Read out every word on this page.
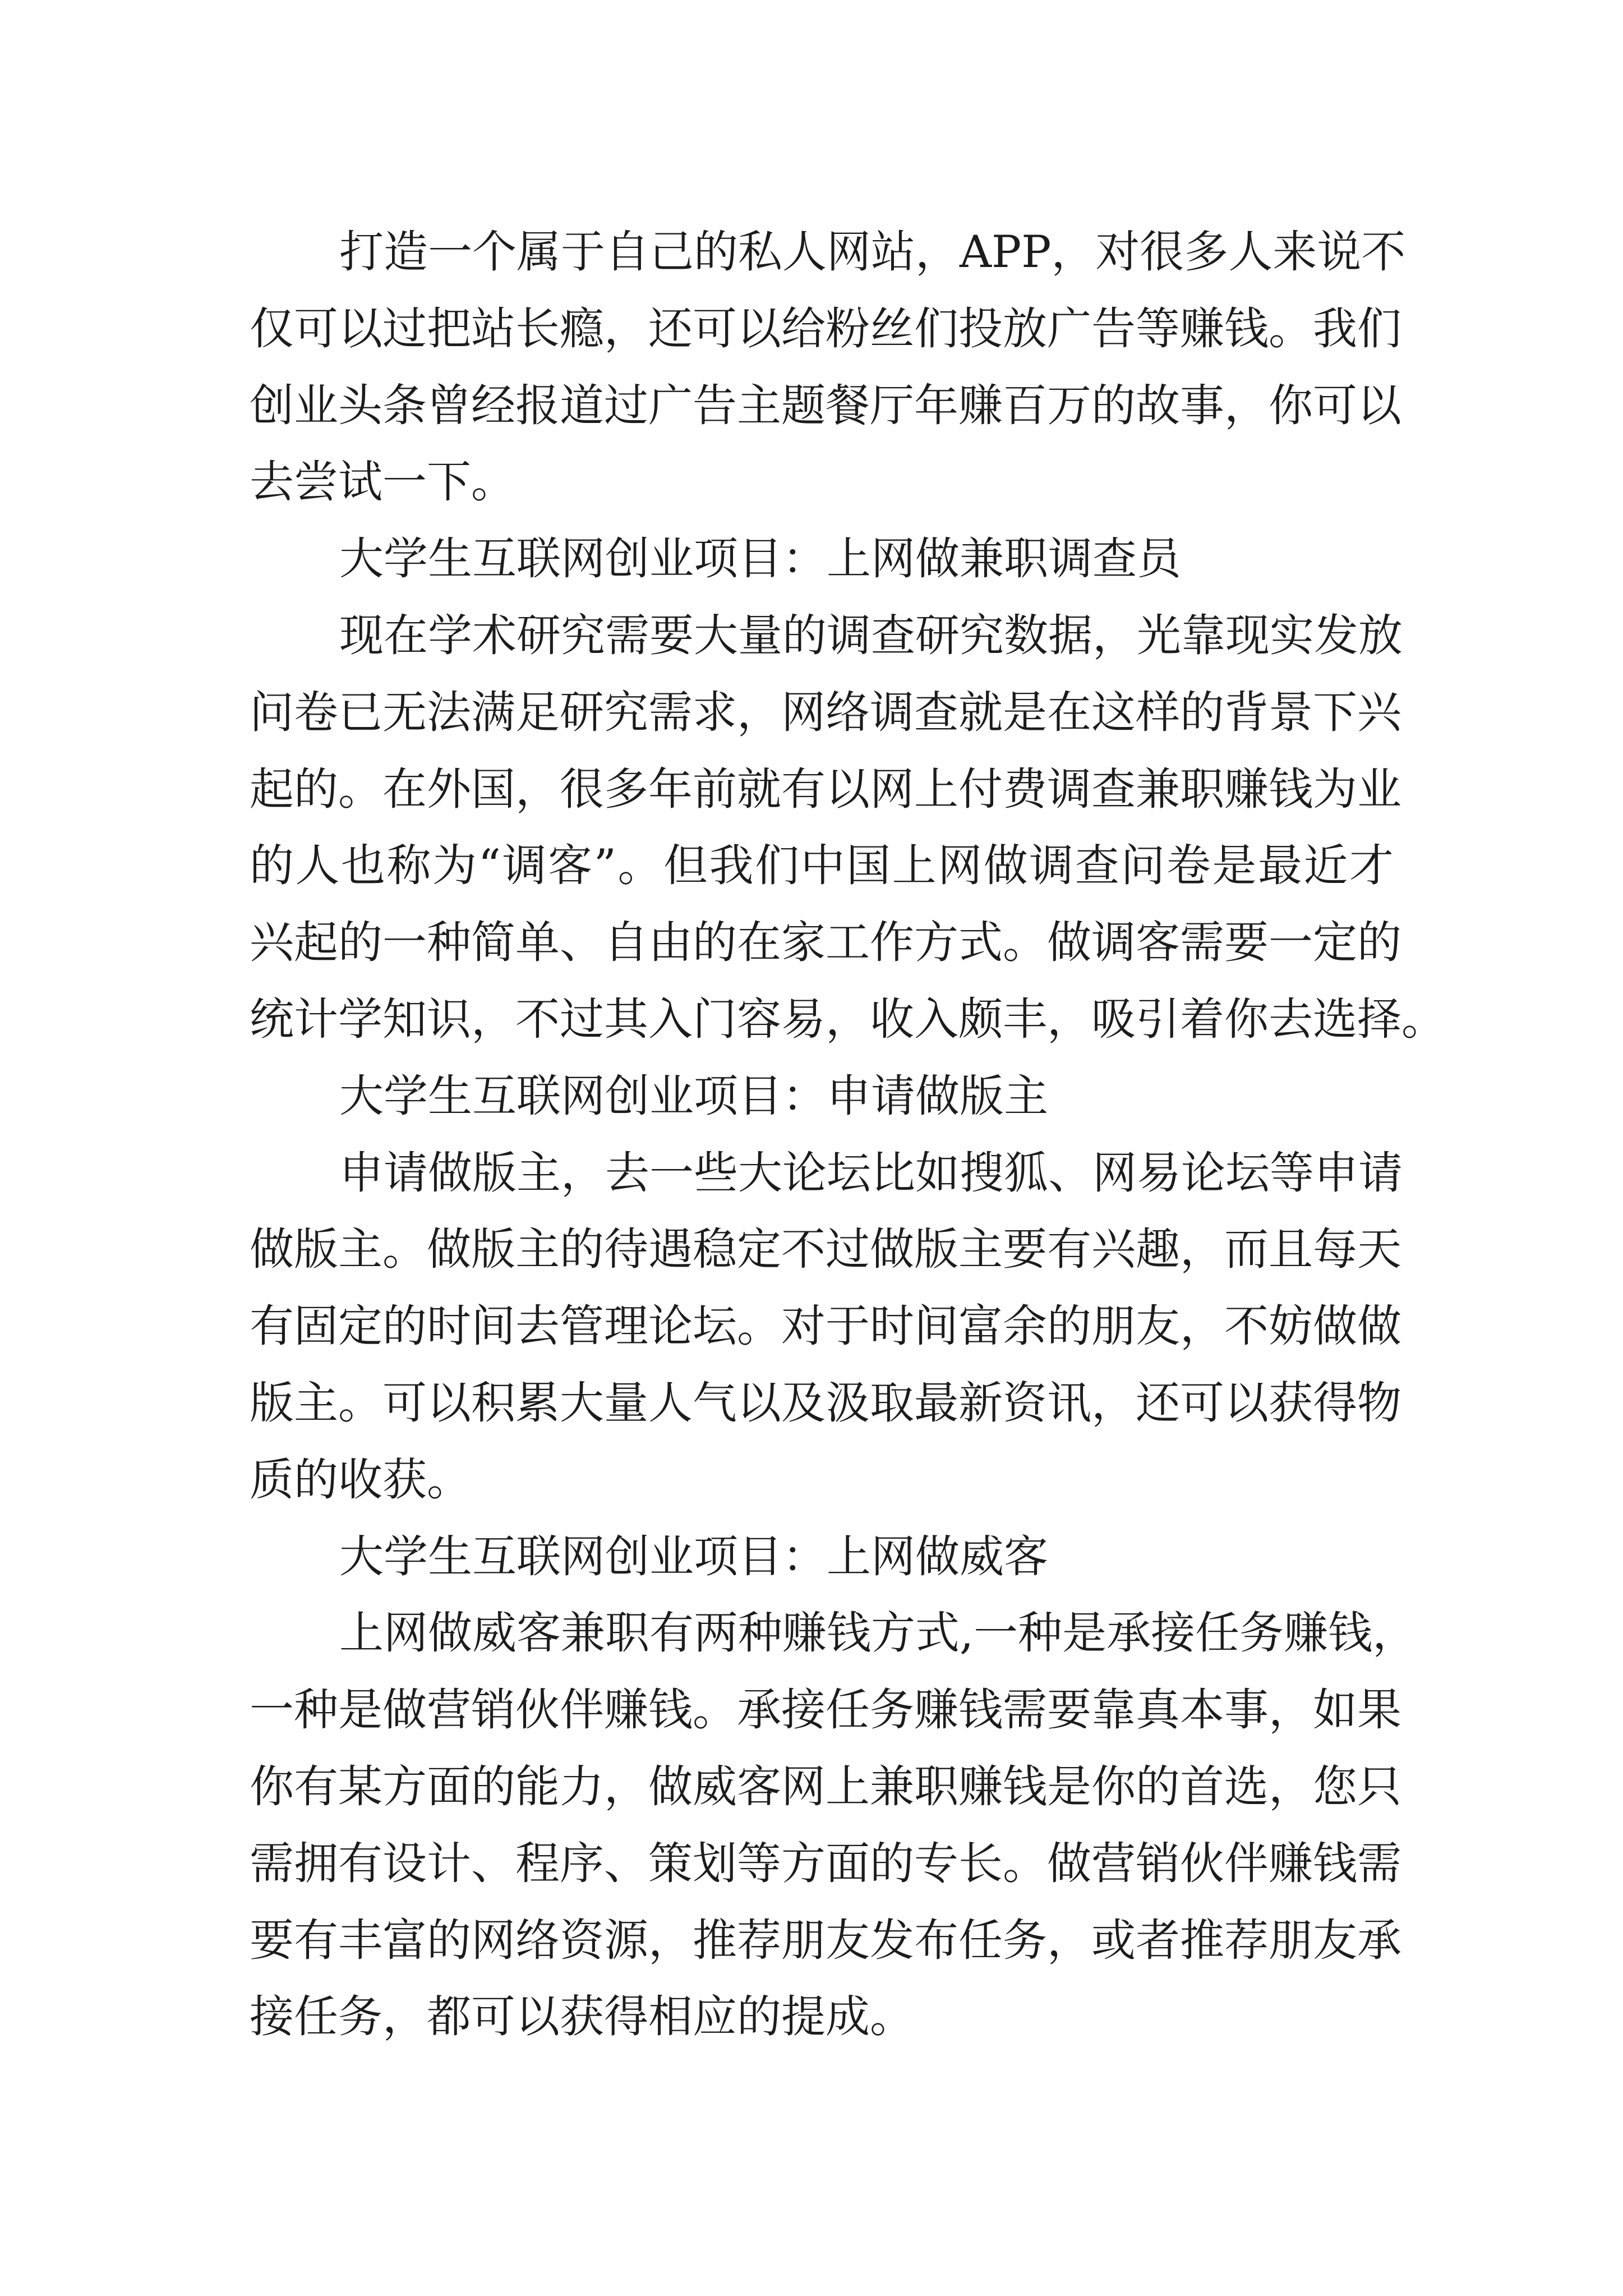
打造一个属于自己的私人网站，APP，对很多人来说不
仅可以过把站长瘾，还可以给粉丝们投放广告等赚钱。我们
创业头条曾经报道过广告主题餐厅年赚百万的故事，你可以
去尝试一下。
大学生互联网创业项目：上网做兼职调查员
现在学术研究需要大量的调查研究数据，光靠现实发放
问卷已无法满足研究需求，网络调查就是在这样的背景下兴
起的。在外国，很多年前就有以网上付费调查兼职赚钱为业
的人也称为“调客”。但我们中国上网做调查问卷是最近才
兴起的一种简单、自由的在家工作方式。做调客需要一定的
统计学知识，不过其入门容易，收入颇丰，吸引着你去选择。
大学生互联网创业项目：申请做版主
申请做版主，去一些大论坛比如搜狐、网易论坛等申请
做版主。做版主的待遇稳定不过做版主要有兴趣，而且每天
有固定的时间去管理论坛。对于时间富余的朋友，不妨做做
版主。可以积累大量人气以及汲取最新资讯，还可以获得物
质的收获。
大学生互联网创业项目：上网做威客
上网做威客兼职有两种赚钱方式,一种是承接任务赚钱，
一种是做营销伙伴赚钱。承接任务赚钱需要靠真本事，如果
你有某方面的能力，做威客网上兼职赚钱是你的首选，您只
需拥有设计、程序、策划等方面的专长。做营销伙伴赚钱需
要有丰富的网络资源，推荐朋友发布任务，或者推荐朋友承
接任务，都可以获得相应的提成。
